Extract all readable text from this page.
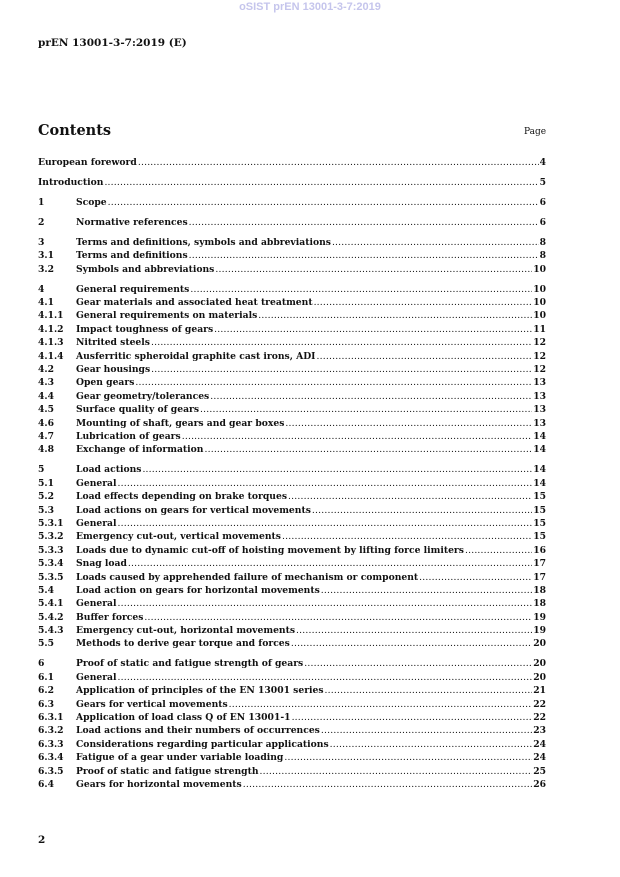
oSIST prEN 13001-3-7:2019
prEN 13001-3-7:2019 (E)
Contents	Page
European foreword .....	4
Introduction .....	5
1	Scope .....	6
2	Normative references .....	6
3	Terms and definitions, symbols and abbreviations .....	8
3.1	Terms and definitions .....	8
3.2	Symbols and abbreviations .....	10
4	General requirements .....	10
4.1	Gear materials and associated heat treatment .....	10
4.1.1	General requirements on materials .....	10
4.1.2	Impact toughness of gears .....	11
4.1.3	Nitrited steels .....	12
4.1.4	Ausferritic spheroidal graphite cast irons, ADI .....	12
4.2	Gear housings .....	12
4.3	Open gears .....	13
4.4	Gear geometry/tolerances .....	13
4.5	Surface quality of gears .....	13
4.6	Mounting of shaft, gears and gear boxes .....	13
4.7	Lubrication of gears .....	14
4.8	Exchange of information .....	14
5	Load actions .....	14
5.1	General .....	14
5.2	Load effects depending on brake torques .....	15
5.3	Load actions on gears for vertical movements .....	15
5.3.1	General .....	15
5.3.2	Emergency cut-out, vertical movements .....	15
5.3.3	Loads due to dynamic cut-off of hoisting movement by lifting force limiters .....	16
5.3.4	Snag load .....	17
5.3.5	Loads caused by apprehended failure of mechanism or component .....	17
5.4	Load action on gears for horizontal movements .....	18
5.4.1	General .....	18
5.4.2	Buffer forces .....	19
5.4.3	Emergency cut-out, horizontal movements .....	19
5.5	Methods to derive gear torque and forces .....	20
6	Proof of static and fatigue strength of gears .....	20
6.1	General .....	20
6.2	Application of principles of the EN 13001 series .....	21
6.3	Gears for vertical movements .....	22
6.3.1	Application of load class Q of EN 13001-1 .....	22
6.3.2	Load actions and their numbers of occurrences .....	23
6.3.3	Considerations regarding particular applications .....	24
6.3.4	Fatigue of a gear under variable loading .....	24
6.3.5	Proof of static and fatigue strength .....	25
6.4	Gears for horizontal movements .....	26
2
